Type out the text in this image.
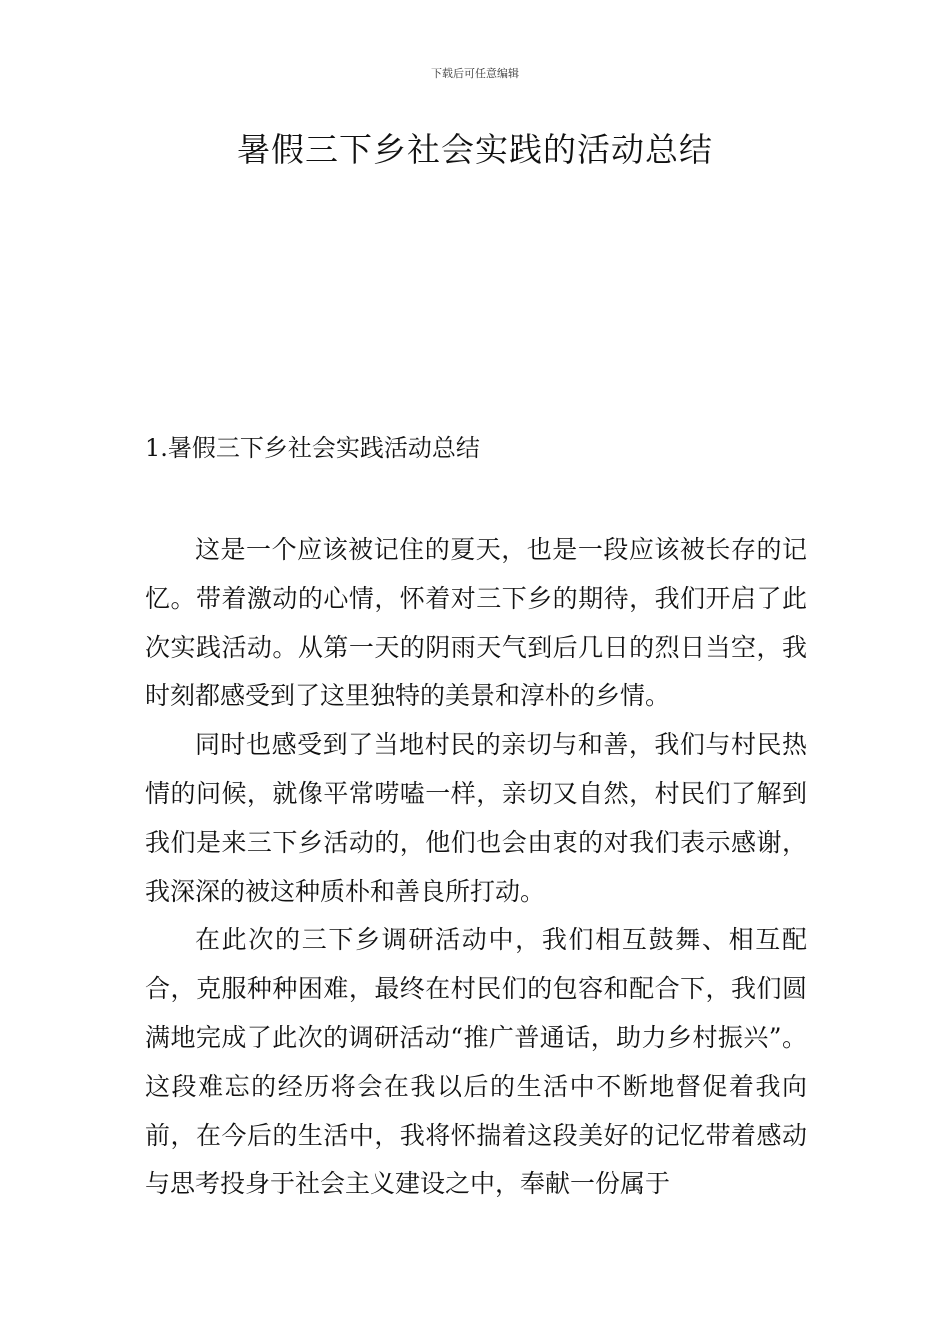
下载后可任意编辑
暑假三下乡社会实践的活动总结
1.暑假三下乡社会实践活动总结

这是一个应该被记住的夏天，也是一段应该被长存的记忆。带着激动的心情，怀着对三下乡的期待，我们开启了此次实践活动。从第一天的阴雨天气到后几日的烈日当空，我时刻都感受到了这里独特的美景和淳朴的乡情。

同时也感受到了当地村民的亲切与和善，我们与村民热情的问候，就像平常唠嗑一样，亲切又自然，村民们了解到我们是来三下乡活动的，他们也会由衷的对我们表示感谢，我深深的被这种质朴和善良所打动。

在此次的三下乡调研活动中，我们相互鼓舞、相互配合，克服种种困难，最终在村民们的包容和配合下，我们圆满地完成了此次的调研活动“推广普通话，助力乡村振兴”。这段难忘的经历将会在我以后的生活中不断地督促着我向前，在今后的生活中，我将怀揣着这段美好的记忆带着感动与思考投身于社会主义建设之中，奉献一份属于
